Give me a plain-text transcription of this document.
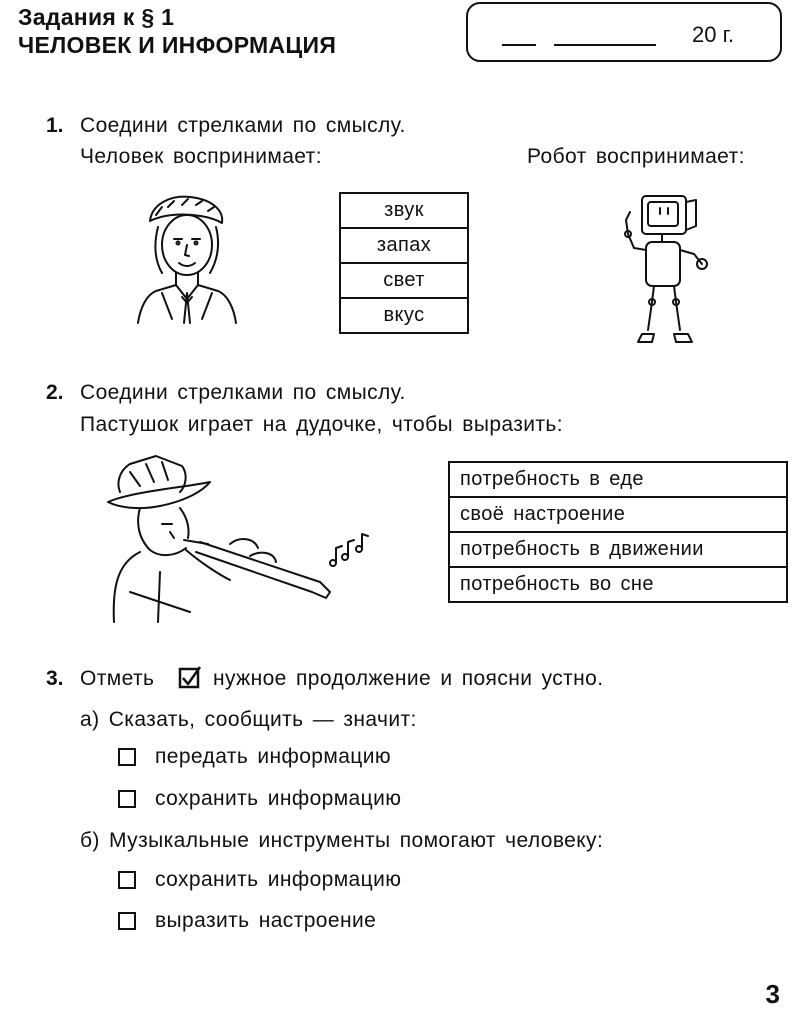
Задания к § 1
ЧЕЛОВЕК И ИНФОРМАЦИЯ	20 г.
1. Соедини стрелками по смыслу.
Человек воспринимает:	Робот воспринимает:
звук
запах
свет
вкус
2. Соедини стрелками по смыслу.
Пастушок играет на дудочке, чтобы выразить:
потребность в еде
своё настроение
потребность в движении
потребность во сне
3. Отметь	нужное продолжение и поясни устно.
а) Сказать, сообщить — значит:
передать информацию
сохранить информацию
б) Музыкальные инструменты помогают человеку:
сохранить информацию
выразить настроение
3
